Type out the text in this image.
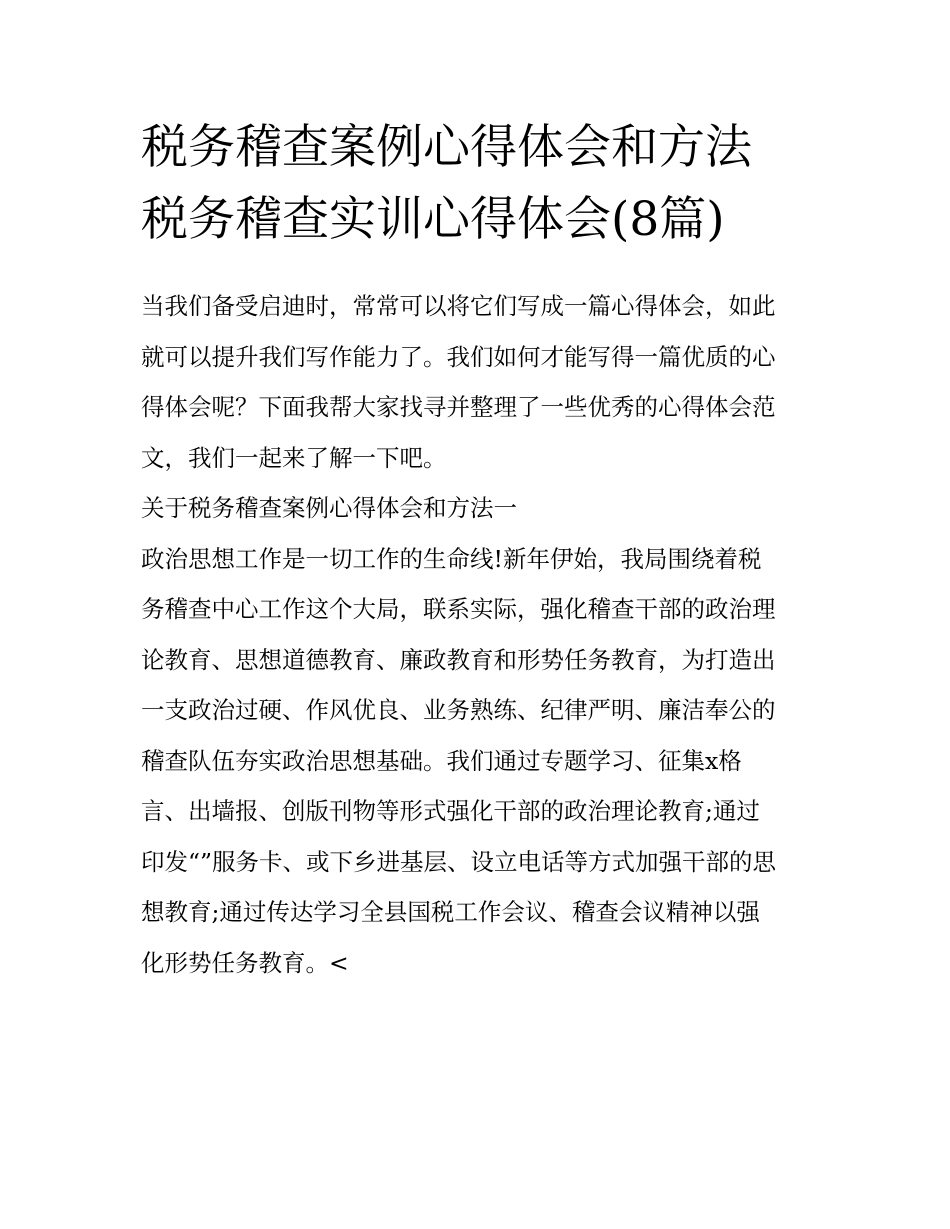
税务稽查案例心得体会和方法
税务稽查实训心得体会(8篇)

当我们备受启迪时，常常可以将它们写成一篇心得体会，如此
就可以提升我们写作能力了。我们如何才能写得一篇优质的心
得体会呢？下面我帮大家找寻并整理了一些优秀的心得体会范
文，我们一起来了解一下吧。

关于税务稽查案例心得体会和方法一

政治思想工作是一切工作的生命线!新年伊始，我局围绕着税
务稽查中心工作这个大局，联系实际，强化稽查干部的政治理
论教育、思想道德教育、廉政教育和形势任务教育，为打造出
一支政治过硬、作风优良、业务熟练、纪律严明、廉洁奉公的
稽查队伍夯实政治思想基础。我们通过专题学习、征集x格
言、出墙报、创版刊物等形式强化干部的政治理论教育;通过
印发“”服务卡、或下乡进基层、设立电话等方式加强干部的思
想教育;通过传达学习全县国税工作会议、稽查会议精神以强
化形势任务教育。<
